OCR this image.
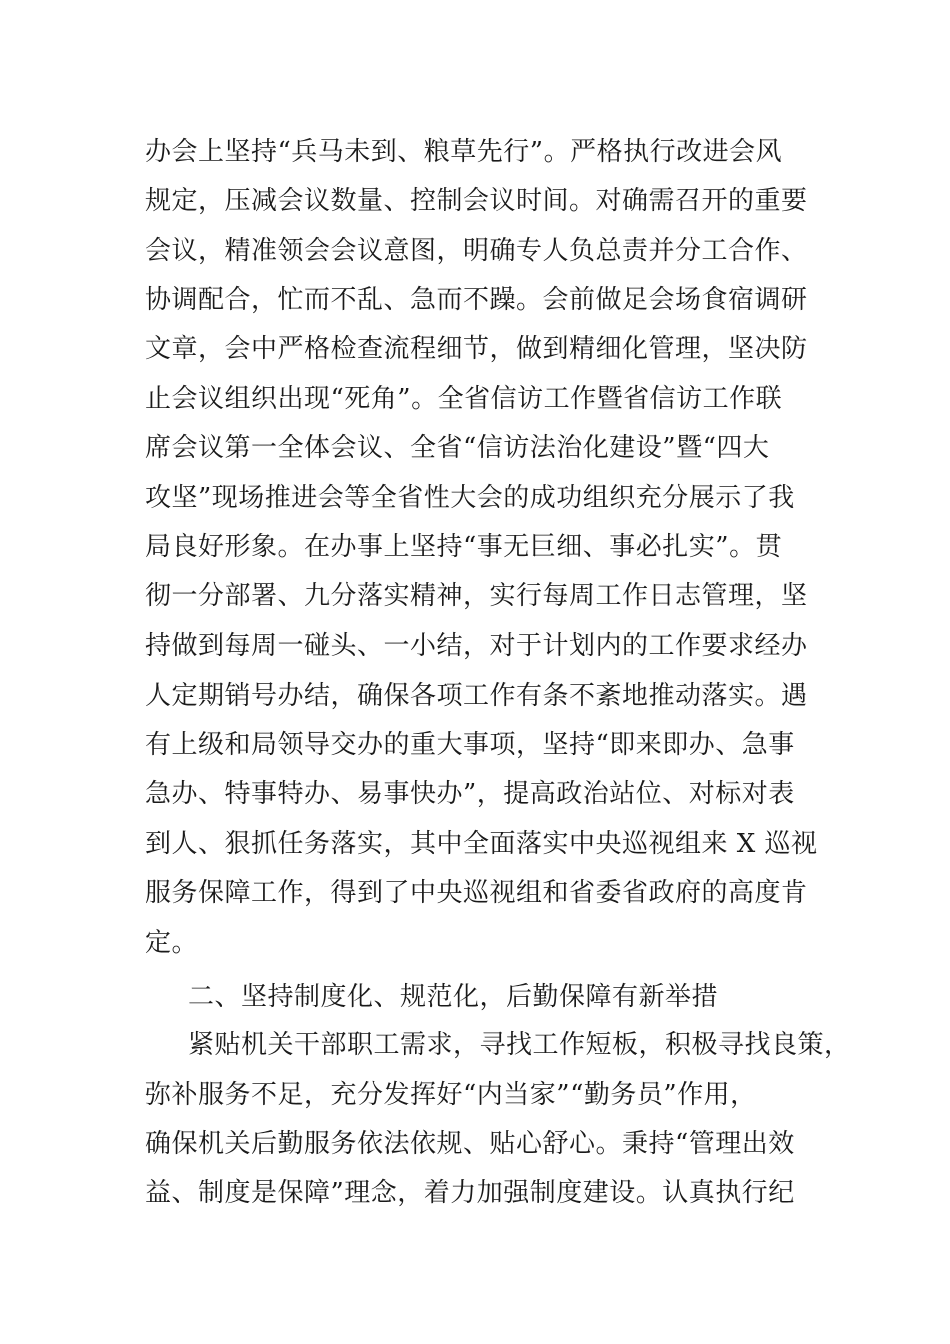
办会上坚持“兵马未到、粮草先行”。严格执行改进会风
规定，压减会议数量、控制会议时间。对确需召开的重要
会议，精准领会会议意图，明确专人负总责并分工合作、
协调配合，忙而不乱、急而不躁。会前做足会场食宿调研
文章，会中严格检查流程细节，做到精细化管理，坚决防
止会议组织出现“死角”。全省信访工作暨省信访工作联
席会议第一全体会议、全省“信访法治化建设”暨“四大
攻坚”现场推进会等全省性大会的成功组织充分展示了我
局良好形象。在办事上坚持“事无巨细、事必扎实”。贯
彻一分部署、九分落实精神，实行每周工作日志管理，坚
持做到每周一碰头、一小结，对于计划内的工作要求经办
人定期销号办结，确保各项工作有条不紊地推动落实。遇
有上级和局领导交办的重大事项，坚持“即来即办、急事
急办、特事特办、易事快办”，提高政治站位、对标对表
到人、狠抓任务落实，其中全面落实中央巡视组来 X 巡视
服务保障工作，得到了中央巡视组和省委省政府的高度肯
定。
二、坚持制度化、规范化，后勤保障有新举措
紧贴机关干部职工需求，寻找工作短板，积极寻找良策，
弥补服务不足，充分发挥好“内当家”“勤务员”作用，
确保机关后勤服务依法依规、贴心舒心。秉持“管理出效
益、制度是保障”理念，着力加强制度建设。认真执行纪
